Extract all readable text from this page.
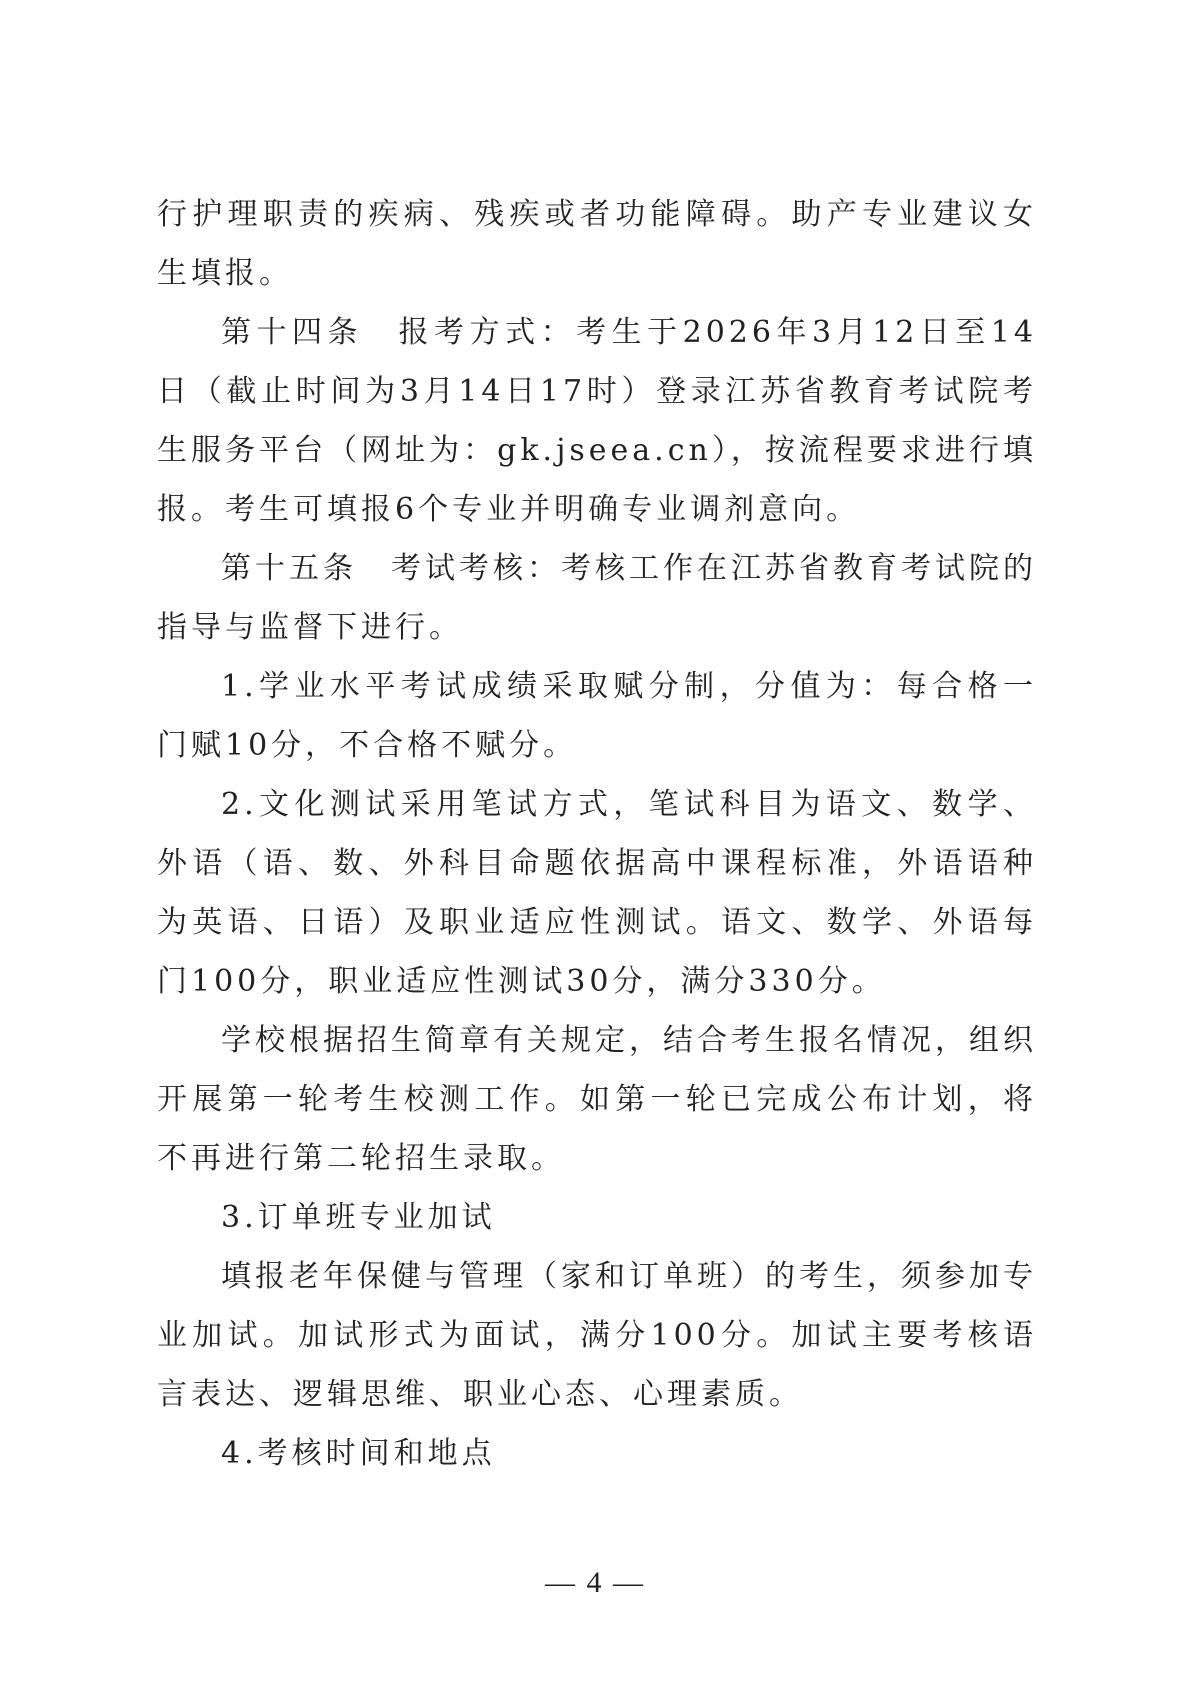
行护理职责的疾病、残疾或者功能障碍。助产专业建议女生填报。

第十四条　报考方式：考生于2026年3月12日至14日（截止时间为3月14日17时）登录江苏省教育考试院考生服务平台（网址为：gk.jseea.cn），按流程要求进行填报。考生可填报6个专业并明确专业调剂意向。

第十五条　考试考核：考核工作在江苏省教育考试院的指导与监督下进行。

1.学业水平考试成绩采取赋分制，分值为：每合格一门赋10分，不合格不赋分。

2.文化测试采用笔试方式，笔试科目为语文、数学、外语（语、数、外科目命题依据高中课程标准，外语语种为英语、日语）及职业适应性测试。语文、数学、外语每门100分，职业适应性测试30分，满分330分。

学校根据招生简章有关规定，结合考生报名情况，组织开展第一轮考生校测工作。如第一轮已完成公布计划，将不再进行第二轮招生录取。

3.订单班专业加试

填报老年保健与管理（家和订单班）的考生，须参加专业加试。加试形式为面试，满分100分。加试主要考核语言表达、逻辑思维、职业心态、心理素质。

4.考核时间和地点

— 4 —
